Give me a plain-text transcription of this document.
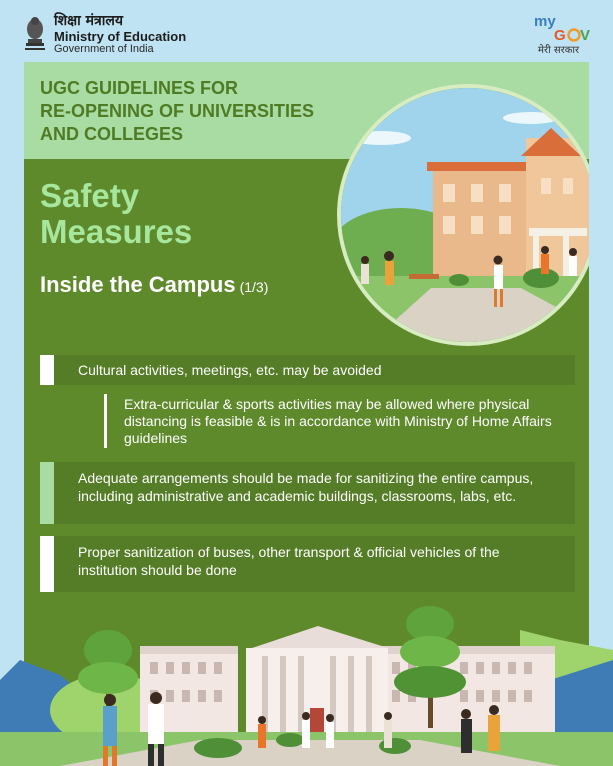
शिक्षा मंत्रालय
Ministry of Education
Government of India
my
G V
मेरी सरकार
UGC GUIDELINES FOR
RE-OPENING OF UNIVERSITIES
AND COLLEGES
Safety
Measures
Inside the Campus (1/3)
Cultural activities, meetings, etc. may be avoided
Extra-curricular & sports activities may be allowed where physical distancing is feasible & is in accordance with Ministry of Home Affairs guidelines
Adequate arrangements should be made for sanitizing the entire campus, including administrative and academic buildings, classrooms, labs, etc.
Proper sanitization of buses, other transport & official vehicles of the institution should be done
